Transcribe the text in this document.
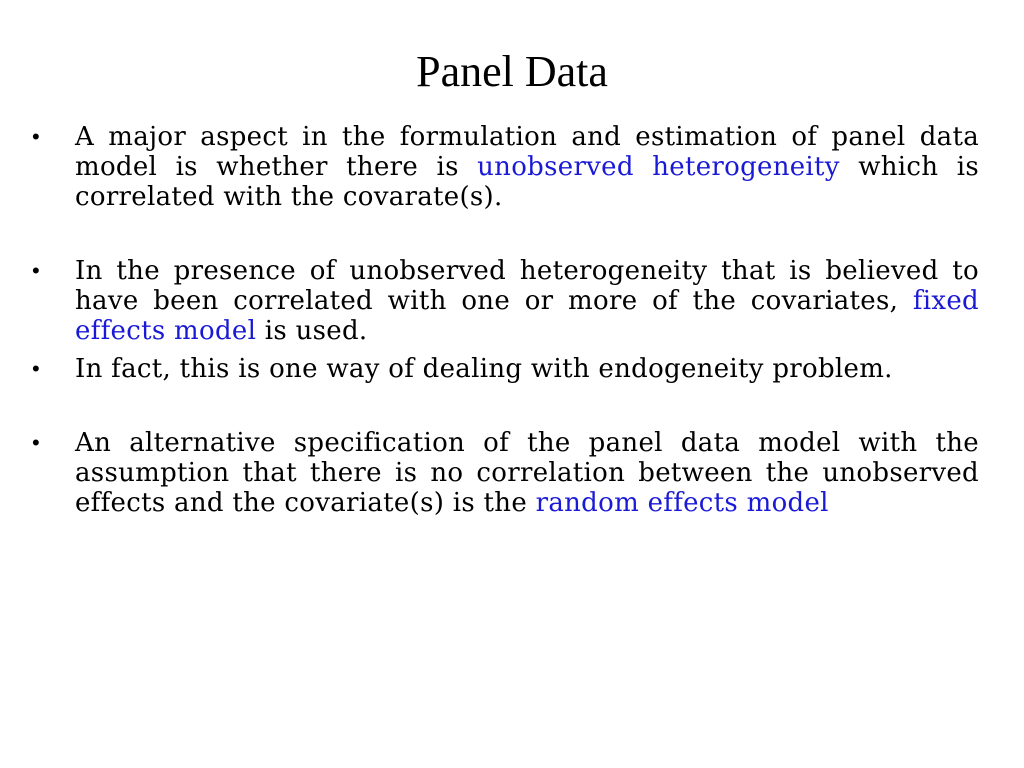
Panel Data
•	A major aspect in the formulation and estimation of panel data model is whether there is unobserved heterogeneity which is correlated with the covarate(s).
•	In the presence of unobserved heterogeneity that is believed to have been correlated with one or more of the covariates, fixed effects model is used.
•	In fact, this is one way of dealing with endogeneity problem.
•	An alternative specification of the panel data model with the assumption that there is no correlation between the unobserved effects and the covariate(s) is the random effects model
